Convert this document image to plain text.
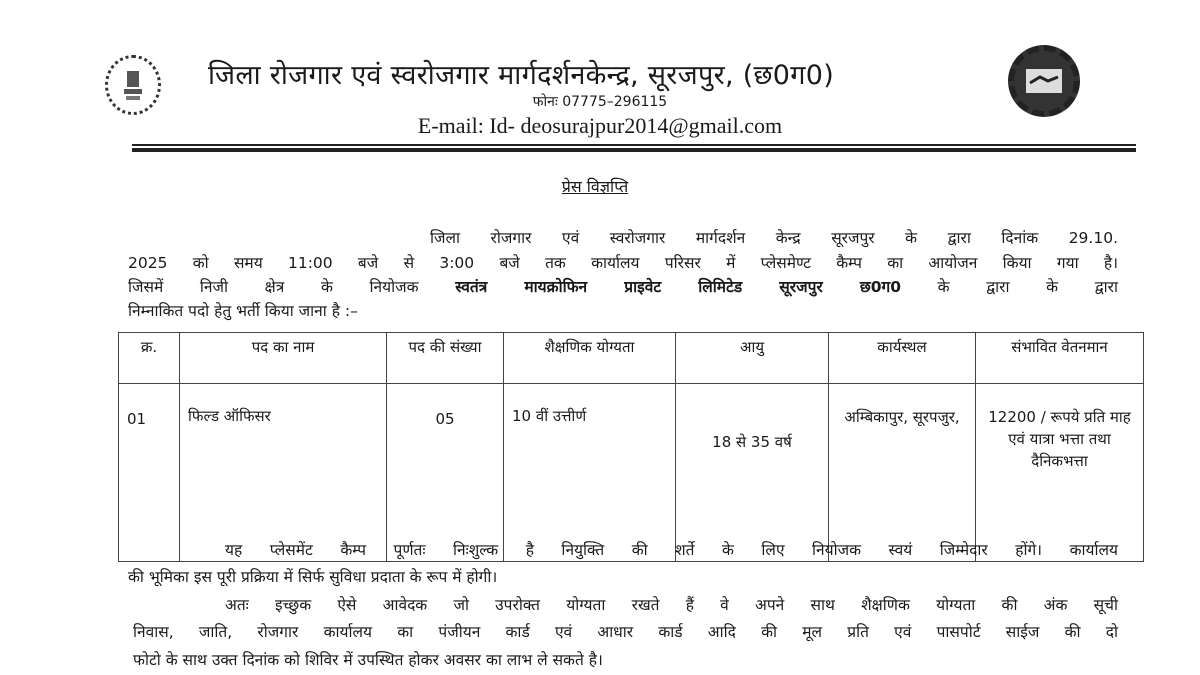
जिला रोजगार एवं स्वरोजगार मार्गदर्शनकेन्द्र, सूरजपुर, (छ0ग0)
फोनः 07775–296115
E-mail: Id- deosurajpur2014@gmail.com
प्रेस विज्ञप्ति
जिला रोजगार एवं स्वरोजगार मार्गदर्शन केन्द्र सूरजपुर के द्वारा दिनांक 29.10.
2025 को समय 11:00 बजे से 3:00 बजे तक कार्यालय परिसर में प्लेसमेण्ट कैम्प का आयोजन किया गया है।
जिसमें निजी क्षेत्र के नियोजक स्वतंत्र मायक्रोफिन प्राइवेट लिमिटेड सूरजपुर छ0ग0 के द्वारा के द्वारा
निम्नाकित पदो हेतु भर्ती किया जाना है :–
क्र.	पद का नाम	पद की संख्या	शैक्षणिक योग्यता	आयु	कार्यस्थल	संभावित वेतनमान
01	फिल्ड ऑफिसर	05	10 वीं उत्तीर्ण	18 से 35 वर्ष	अम्बिकापुर, सूरपजुर,	12200 / रूपये प्रति माह एवं यात्रा भत्ता तथा दैनिकभत्ता
यह प्लेसमेंट कैम्प पूर्णतः निःशुल्क है नियुक्ति की शर्ते के लिए नियोजक स्वयं जिम्मेदार होंगे। कार्यालय
की भूमिका इस पूरी प्रक्रिया में सिर्फ सुविधा प्रदाता के रूप में होगी।
अतः इच्छुक ऐसे आवेदक जो उपरोक्त योग्यता रखते हैं वे अपने साथ शैक्षणिक योग्यता की अंक सूची
निवास, जाति, रोजगार कार्यालय का पंजीयन कार्ड एवं आधार कार्ड आदि की मूल प्रति एवं पासपोर्ट साईज की दो
फोटो के साथ उक्त दिनांक को शिविर में उपस्थित होकर अवसर का लाभ ले सकते है।
